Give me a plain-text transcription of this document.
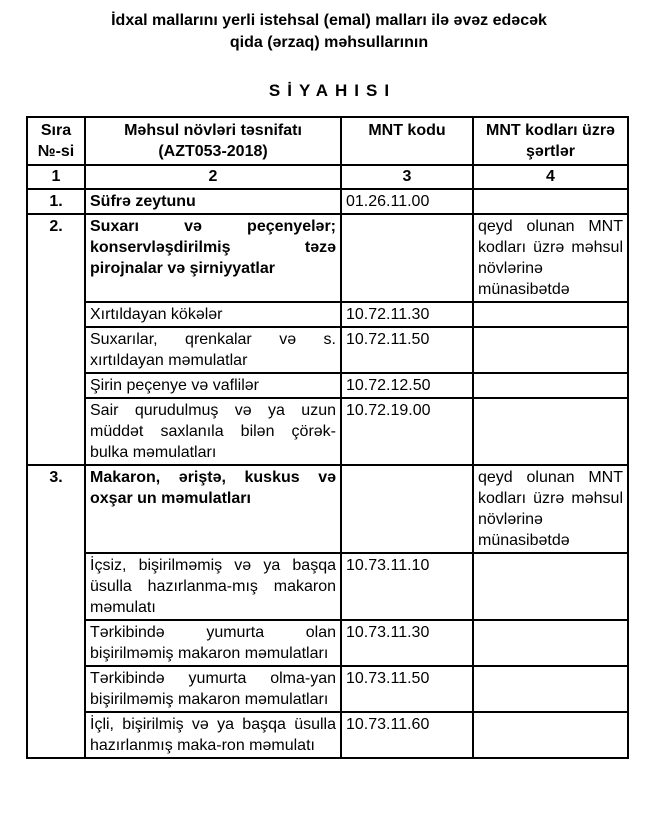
İdxal mallarını yerli istehsal (emal) malları ilə əvəz edəcək
qida (ərzaq) məhsullarının
SİYAHISI
Sıra №-si	Məhsul növləri təsnifatı (AZT053-2018)	MNT kodu	MNT kodları üzrə şərtlər
1	2	3	4
1.	Süfrə zeytunu	01.26.11.00	
2.	Suxarı və peçenyelər; konservləşdirilmiş təzə pirojnalar və şirniyyatlar		qeyd olunan MNT kodları üzrə məhsul növlərinə münasibətdə
	Xırtıldayan kökələr	10.72.11.30	
	Suxarılar, qrenkalar və s. xırtıldayan məmulatlar	10.72.11.50	
	Şirin peçenye və vaflilər	10.72.12.50	
	Sair qurudulmuş və ya uzun müddət saxlanıla bilən çörək-bulka məmulatları	10.72.19.00	
3.	Makaron, əriştə, kuskus və oxşar un məmulatları		qeyd olunan MNT kodları üzrə məhsul növlərinə münasibətdə
	İçsiz, bişirilməmiş və ya başqa üsulla hazırlanma-mış makaron məmulatı	10.73.11.10	
	Tərkibində yumurta olan bişirilməmiş makaron məmulatları	10.73.11.30	
	Tərkibində yumurta olma-yan bişirilməmiş makaron məmulatları	10.73.11.50	
	İçli, bişirilmiş və ya başqa üsulla hazırlanmış maka-ron məmulatı	10.73.11.60	
